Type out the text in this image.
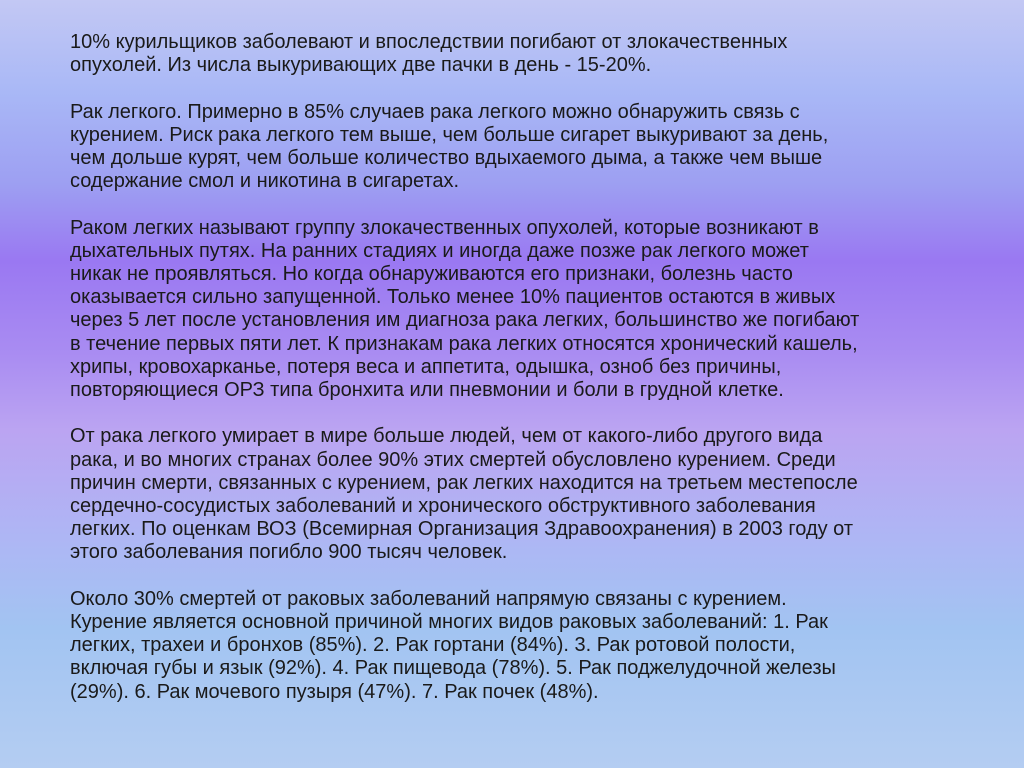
10% курильщиков заболевают и впоследствии погибают от злокачественных
опухолей. Из числа выкуривающих две пачки в день - 15-20%.

Рак легкого. Примерно в 85% случаев рака легкого можно обнаружить связь с
курением. Риск рака легкого тем выше, чем больше сигарет выкуривают за день,
чем дольше курят, чем больше количество вдыхаемого дыма, а также чем выше
содержание смол и никотина в сигаретах.

Раком легких называют группу злокачественных опухолей, которые возникают в
дыхательных путях. На ранних стадиях и иногда даже позже рак легкого может
никак не проявляться. Но когда обнаруживаются его признаки, болезнь часто
оказывается сильно запущенной. Только менее 10% пациентов остаются в живых
через 5 лет после установления им диагноза рака легких, большинство же погибают
в течение первых пяти лет. К признакам рака легких относятся хронический кашель,
хрипы, кровохарканье, потеря веса и аппетита, одышка, озноб без причины,
повторяющиеся ОРЗ типа бронхита или пневмонии и боли в грудной клетке.

От рака легкого умирает в мире больше людей, чем от какого-либо другого вида
рака, и во многих странах более 90% этих смертей обусловлено курением. Среди
причин смерти, связанных с курением, рак легких находится на третьем местепосле
сердечно-сосудистых заболеваний и хронического обструктивного заболевания
легких. По оценкам ВОЗ (Всемирная Организация Здравоохранения) в 2003 году от
этого заболевания погибло 900 тысяч человек.

Около 30% смертей от раковых заболеваний напрямую связаны с курением.
Курение является основной причиной многих видов раковых заболеваний: 1. Рак
легких, трахеи и бронхов (85%). 2. Рак гортани (84%). 3. Рак ротовой полости,
включая губы и язык (92%). 4. Рак пищевода (78%). 5. Рак поджелудочной железы
(29%). 6. Рак мочевого пузыря (47%). 7. Рак почек (48%).
